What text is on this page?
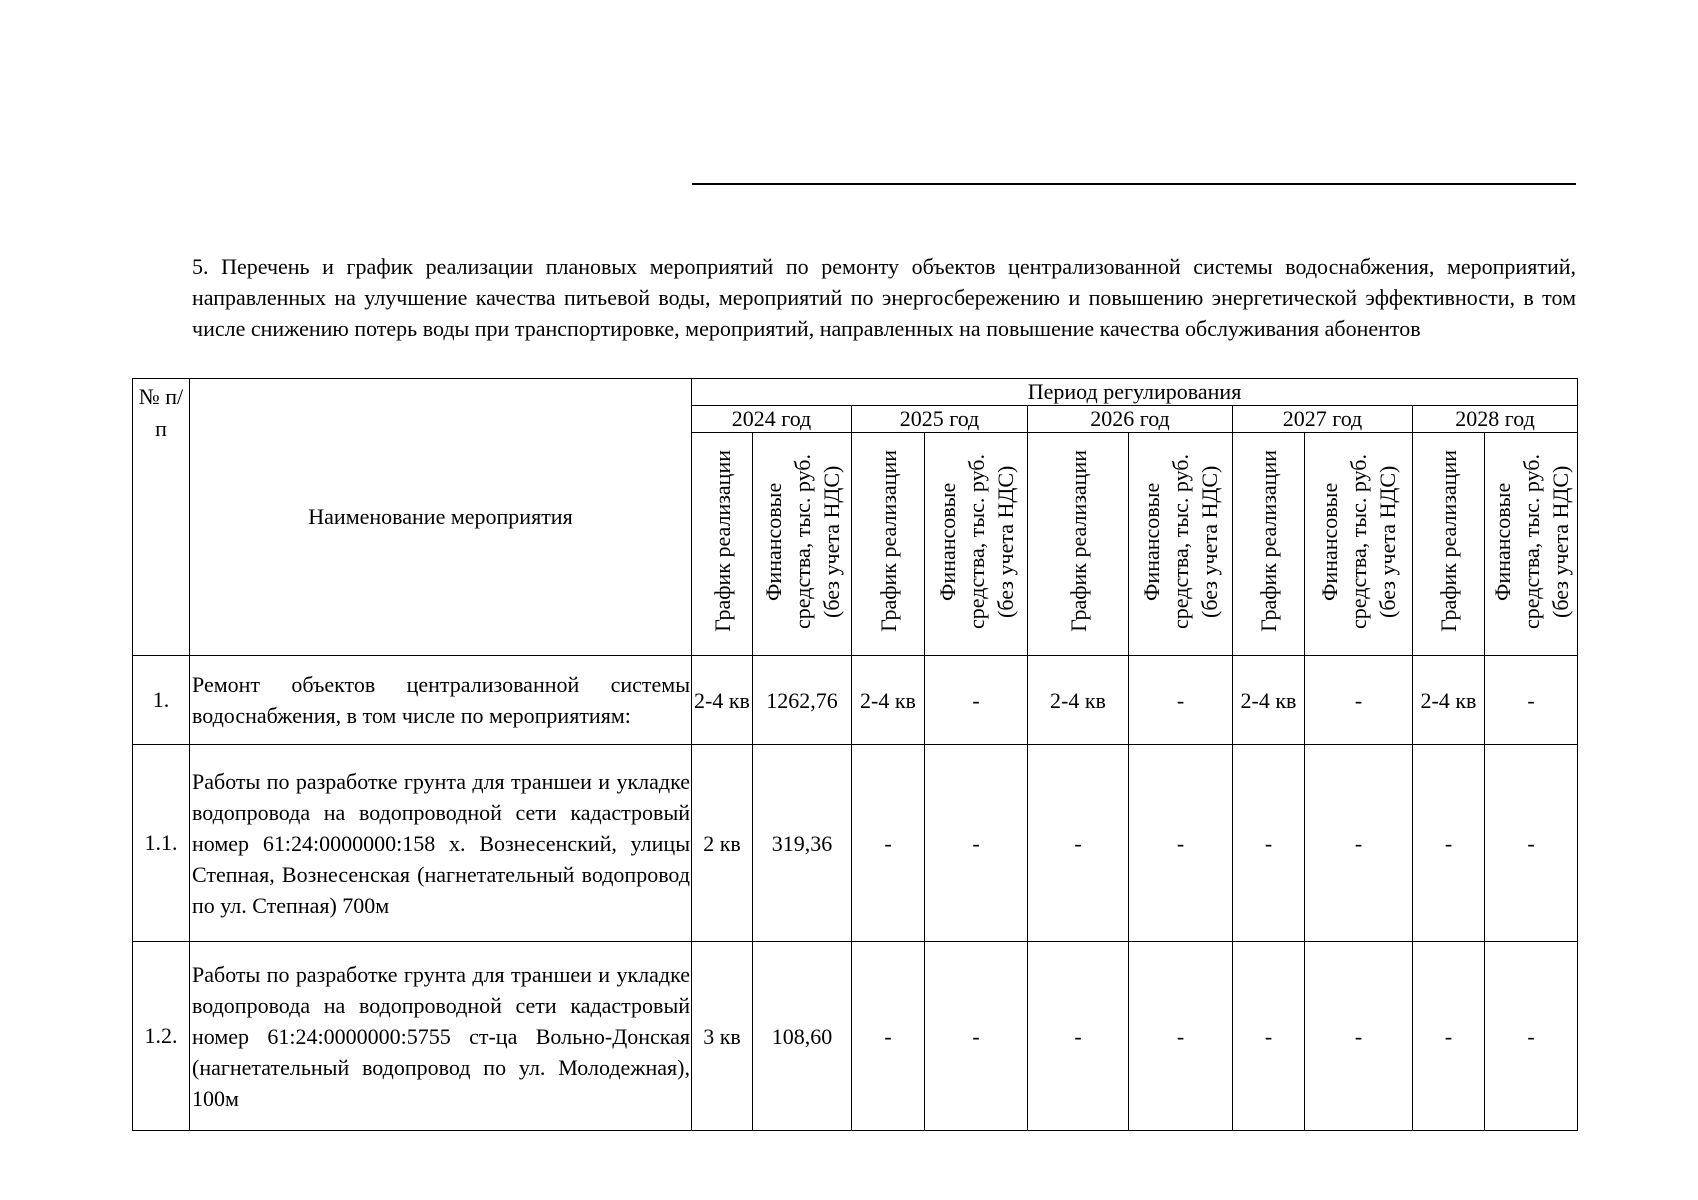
5. Перечень и график реализации плановых мероприятий по ремонту объектов централизованной системы водоснабжения, мероприятий, направленных на улучшение качества питьевой воды, мероприятий по энергосбережению и повышению энергетической эффективности, в том числе снижению потерь воды при транспортировке, мероприятий, направленных на повышение качества обслуживания абонентов
№ п/п	Наименование мероприятия	Период регулирования									
		2024 год		2025 год		2026 год		2027 год		2028 год	

		График реализации	Финансовые средства, тыс. руб. (без учета НДС)	График реализации	Финансовые средства, тыс. руб. (без учета НДС)	График реализации	Финансовые средства, тыс. руб. (без учета НДС)	График реализации	Финансовые средства, тыс. руб. (без учета НДС)	График реализации	Финансовые средства, тыс. руб. (без учета НДС)

1.	Ремонт объектов централизованной системы водоснабжения, в том числе по мероприятиям:	2-4 кв	1262,76	2-4 кв	-	2-4 кв	-	2-4 кв	-	2-4 кв	-
1.1.	Работы по разработке грунта для траншеи и укладке водопровода на водопроводной сети кадастровый номер 61:24:0000000:158 х. Вознесенский, улицы Степная, Вознесенская (нагнетательный водопровод по ул. Степная) 700м	2 кв	319,36	-	-	-	-	-	-	-	-
1.2.	Работы по разработке грунта для траншеи и укладке водопровода на водопроводной сети кадастровый номер 61:24:0000000:5755 ст-ца Вольно-Донская (нагнетательный водопровод по ул. Молодежная), 100м	3 кв	108,60	-	-	-	-	-	-	-	-
